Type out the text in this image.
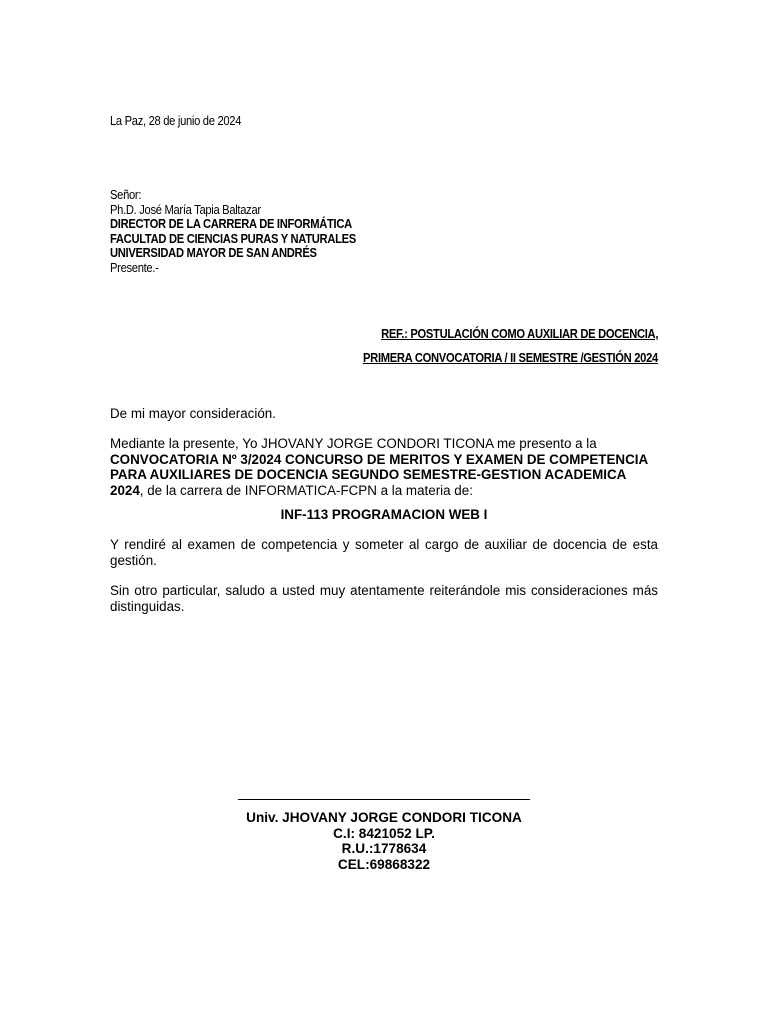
La Paz, 28 de junio de 2024
Señor:
Ph.D. José María Tapia Baltazar
DIRECTOR DE LA CARRERA DE INFORMÁTICA
FACULTAD DE CIENCIAS PURAS Y NATURALES
UNIVERSIDAD MAYOR DE SAN ANDRÉS
Presente.-
REF.: POSTULACIÓN COMO AUXILIAR DE DOCENCIA,
PRIMERA CONVOCATORIA / II SEMESTRE /GESTIÓN 2024
De mi mayor consideración.
Mediante la presente, Yo JHOVANY JORGE CONDORI TICONA me presento a la CONVOCATORIA Nº 3/2024 CONCURSO DE MERITOS Y EXAMEN DE COMPETENCIA PARA AUXILIARES DE DOCENCIA SEGUNDO SEMESTRE-GESTION ACADEMICA 2024, de la carrera de INFORMATICA-FCPN a la materia de:
INF-113 PROGRAMACION WEB I
Y rendiré al examen de competencia y someter al cargo de auxiliar de docencia de esta gestión.
Sin otro particular, saludo a usted muy atentamente reiterándole mis consideraciones más distinguidas.
Univ. JHOVANY JORGE CONDORI TICONA
C.I: 8421052 LP.
R.U.:1778634
CEL:69868322
